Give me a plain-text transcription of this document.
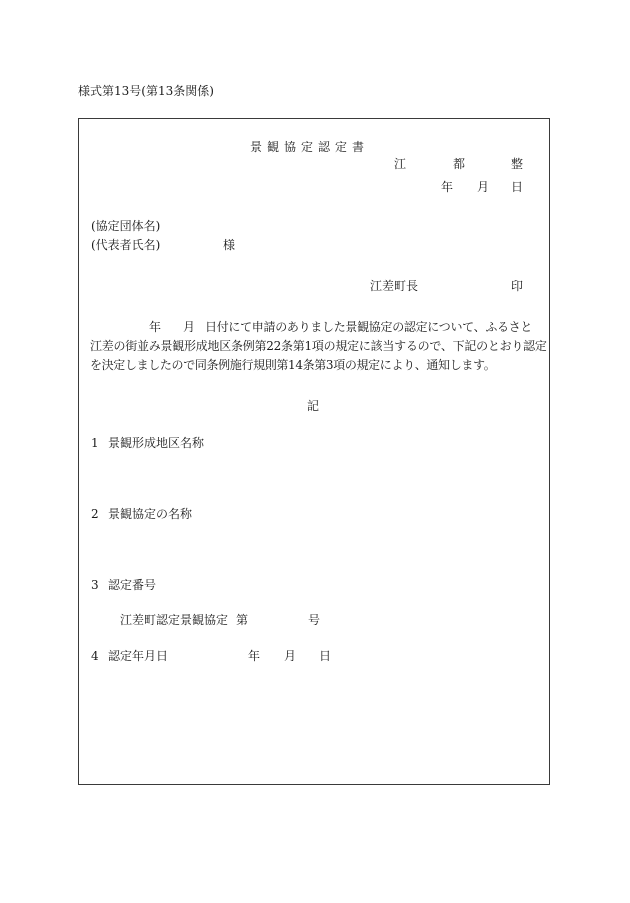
様式第13号(第13条関係)
景観協定認定書
江	都	整
年 月 日
(協定団体名)
(代表者氏名)	様
江差町長	印
年 月 日付にて申請のありました景観協定の認定について、ふるさと
江差の街並み景観形成地区条例第22条第1項の規定に該当するので、下記のとおり認定
を決定しましたので同条例施行規則第14条第3項の規定により、通知します。
記
1 景観形成地区名称
2 景観協定の名称
3 認定番号
江差町認定景観協定 第	号
4 認定年月日	年 月 日
